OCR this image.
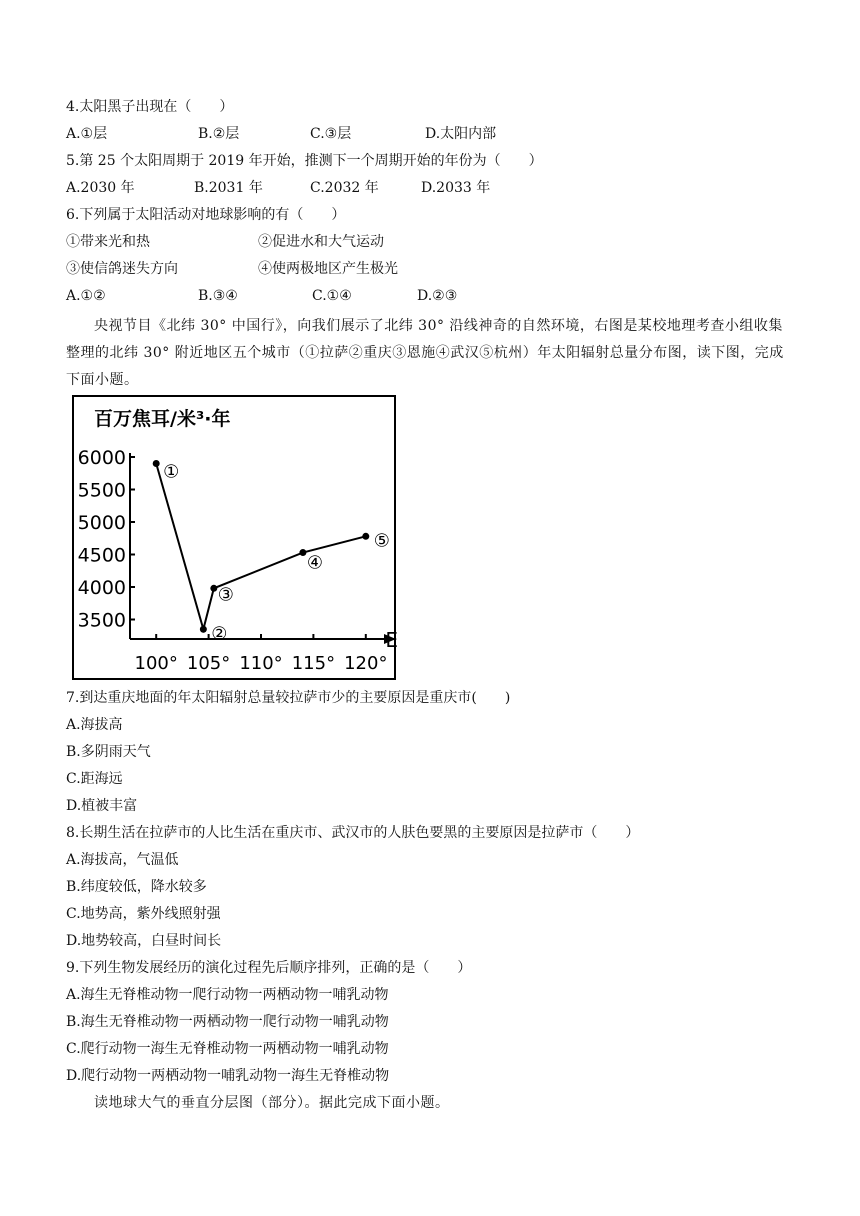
4.太阳黑子出现在（　　）
A.①层	B.②层	C.③层	D.太阳内部
5.第 25 个太阳周期于 2019 年开始，推测下一个周期开始的年份为（　　）
A.2030 年	B.2031 年	C.2032 年	D.2033 年
6.下列属于太阳活动对地球影响的有（　　）
①带来光和热	②促进水和大气运动
③使信鸽迷失方向	④使两极地区产生极光
A.①②	B.③④	C.①④	D.②③

央视节目《北纬 30° 中国行》，向我们展示了北纬 30° 沿线神奇的自然环境，右图是某校地理考查小组收集整理的北纬 30° 附近地区五个城市（①拉萨②重庆③恩施④武汉⑤杭州）年太阳辐射总量分布图，读下图，完成下面小题。

百万焦耳/米³·年
E
100° 105° 110° 115° 120°
6000
5500
5000
4500
4000
3500
①
②
③
④
⑤
7.到达重庆地面的年太阳辐射总量较拉萨市少的主要原因是重庆市(　　)
A.海拔高
B.多阴雨天气
C.距海远
D.植被丰富
8.长期生活在拉萨市的人比生活在重庆市、武汉市的人肤色要黑的主要原因是拉萨市（　　）
A.海拔高，气温低
B.纬度较低，降水较多
C.地势高，紫外线照射强
D.地势较高，白昼时间长
9.下列生物发展经历的演化过程先后顺序排列，正确的是（　　）
A.海生无脊椎动物一爬行动物一两栖动物一哺乳动物
B.海生无脊椎动物一两栖动物一爬行动物一哺乳动物
C.爬行动物一海生无脊椎动物一两栖动物一哺乳动物
D.爬行动物一两栖动物一哺乳动物一海生无脊椎动物

读地球大气的垂直分层图（部分）。据此完成下面小题。
